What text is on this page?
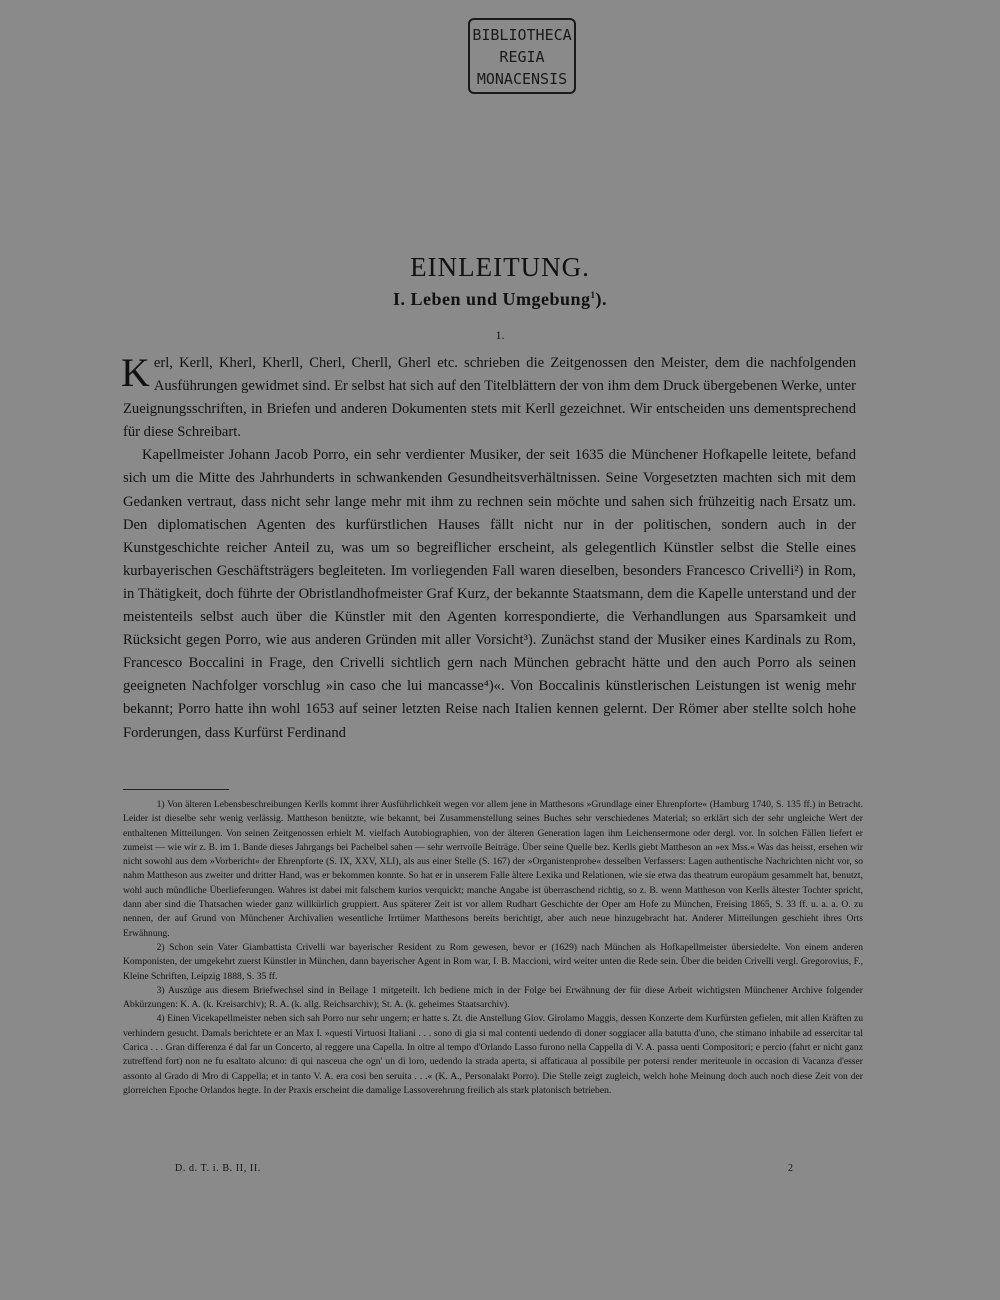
BIBLIOTHECA
REGIA
MONACENSIS
EINLEITUNG.
I. Leben und Umgebung$^1$).
1.

Kerl, Kerll, Kherl, Kherll, Cherl, Cherll, Gherl etc. schrieben die Zeitgenossen den Meister, dem die nachfolgenden Ausführungen gewidmet sind. Er selbst hat sich auf den Titelblättern der von ihm dem Druck übergebenen Werke, unter Zueignungsschriften, in Briefen und anderen Dokumenten stets mit Kerll gezeichnet. Wir entscheiden uns dementsprechend für diese Schreibart.

Kapellmeister Johann Jacob Porro, ein sehr verdienter Musiker, der seit 1635 die Münchener Hofkapelle leitete, befand sich um die Mitte des Jahrhunderts in schwankenden Gesundheitsverhältnissen. Seine Vorgesetzten machten sich mit dem Gedanken vertraut, dass nicht sehr lange mehr mit ihm zu rechnen sein möchte und sahen sich frühzeitig nach Ersatz um. Den diplomatischen Agenten des kurfürstlichen Hauses fällt nicht nur in der politischen, sondern auch in der Kunstgeschichte reicher Anteil zu, was um so begreiflicher erscheint, als gelegentlich Künstler selbst die Stelle eines kurbayerischen Geschäftsträgers begleiteten. Im vorliegenden Fall waren dieselben, besonders Francesco Crivelli²) in Rom, in Thätigkeit, doch führte der Obristlandhofmeister Graf Kurz, der bekannte Staatsmann, dem die Kapelle unterstand und der meistenteils selbst auch über die Künstler mit den Agenten korrespondierte, die Verhandlungen aus Sparsamkeit und Rücksicht gegen Porro, wie aus anderen Gründen mit aller Vorsicht³). Zunächst stand der Musiker eines Kardinals zu Rom, Francesco Boccalini in Frage, den Crivelli sichtlich gern nach München gebracht hätte und den auch Porro als seinen geeigneten Nachfolger vorschlug »in caso che lui mancasse⁴)«. Von Boccalinis künstlerischen Leistungen ist wenig mehr bekannt; Porro hatte ihn wohl 1653 auf seiner letzten Reise nach Italien kennen gelernt. Der Römer aber stellte solch hohe Forderungen, dass Kurfürst Ferdinand

1) Von älteren Lebensbeschreibungen Kerlls kommt ihrer Ausführlichkeit wegen vor allem jene in Matthesons »Grundlage einer Ehrenpforte« (Hamburg 1740, S. 135 ff.) in Betracht. Leider ist dieselbe sehr wenig verlässig. Mattheson benützte, wie bekannt, bei Zusammenstellung seines Buches sehr verschiedenes Material; so erklärt sich der sehr ungleiche Wert der enthaltenen Mitteilungen. Von seinen Zeitgenossen erhielt M. vielfach Autobiographien, von der älteren Generation lagen ihm Leichensermone oder dergl. vor. In solchen Fällen liefert er zumeist — wie wir z. B. im 1. Bande dieses Jahrgangs bei Pachelbel sahen — sehr wertvolle Beiträge. Über seine Quelle bez. Kerlls giebt Mattheson an »ex Mss.« Was das heisst, ersehen wir nicht sowohl aus dem »Vorbericht« der Ehrenpforte (S. IX, XXV, XLI), als aus einer Stelle (S. 167) der »Organistenprobe« desselben Verfassers: Lagen authentische Nachrichten nicht vor, so nahm Mattheson aus zweiter und dritter Hand, was er bekommen konnte. So hat er in unserem Falle ältere Lexika und Relationen, wie sie etwa das theatrum europäum gesammelt hat, benutzt, wohl auch mündliche Überlieferungen. Wahres ist dabei mit falschem kurios verquickt; manche Angabe ist überraschend richtig, so z. B. wenn Mattheson von Kerlls ältester Tochter spricht, dann aber sind die Thatsachen wieder ganz willkürlich gruppiert. Aus späterer Zeit ist vor allem Rudhart Geschichte der Oper am Hofe zu München, Freising 1865, S. 33 ff. u. a. a. O. zu nennen, der auf Grund von Münchener Archivalien wesentliche Irrtümer Matthesons bereits berichtigt, aber auch neue hinzugebracht hat. Anderer Mitteilungen geschieht ihres Orts Erwähnung.

2) Schon sein Vater Giambattista Crivelli war bayerischer Resident zu Rom gewesen, bevor er (1629) nach München als Hofkapellmeister übersiedelte. Von einem anderen Komponisten, der umgekehrt zuerst Künstler in München, dann bayerischer Agent in Rom war, I. B. Maccioni, wird weiter unten die Rede sein. Über die beiden Crivelli vergl. Gregorovius, F., Kleine Schriften, Leipzig 1888, S. 35 ff.

3) Auszüge aus diesem Briefwechsel sind in Beilage 1 mitgeteilt. Ich bediene mich in der Folge bei Erwähnung der für diese Arbeit wichtigsten Münchener Archive folgender Abkürzungen: K. A. (k. Kreisarchiv); R. A. (k. allg. Reichsarchiv); St. A. (k. geheimes Staatsarchiv).

4) Einen Vicekapellmeister neben sich sah Porro nur sehr ungern; er hatte s. Zt. die Anstellung Giov. Girolamo Maggis, dessen Konzerte dem Kurfürsten gefielen, mit allen Kräften zu verhindern gesucht. Damals berichtete er an Max I. »questi Virtuosi Italiani . . . sono di gia si mal contenti uedendo di doner soggiacer alla batutta d'uno, che stimano inhabile ad essercitar tal Carica . . . Gran differenza é dal far un Concerto, al reggere una Capella. In oltre al tempo d'Orlando Lasso furono nella Cappella di V. A. passa uenti Compositori; e percio (fahrt er nicht ganz zutreffend fort) non ne fu esaltato alcuno: di qui nasceua che ogn' un di loro, uedendo la strada aperta, si affaticaua al possibile per potersi render meriteuole in occasion di Vacanza d'esser assonto al Grado di Mro di Cappella; et in tanto V. A. era cosi ben seruita . . .« (K. A., Personalakt Porro). Die Stelle zeigt zugleich, welch hohe Meinung doch auch noch diese Zeit von der glorreichen Epoche Orlandos hegte. In der Praxis erscheint die damalige Lassoverehrung freilich als stark platonisch betrieben.

D. d. T. i. B. II, II.	2
